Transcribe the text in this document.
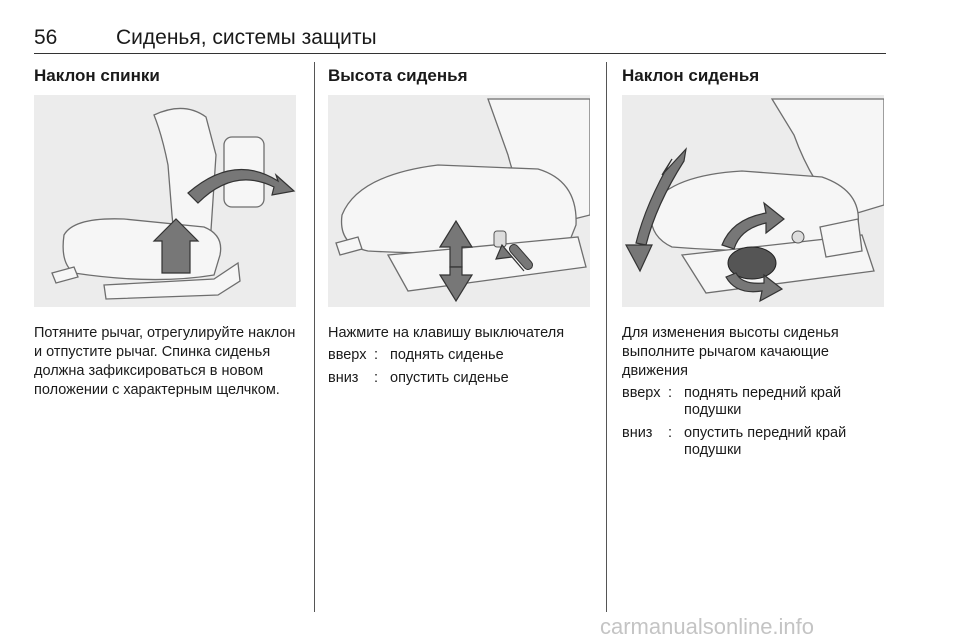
56	Сиденья, системы защиты
Наклон спинки

Потяните рычаг, отрегулируйте наклон и отпустите рычаг. Спинка сиденья должна зафиксироваться в новом положении с характерным щелчком.

Высота сиденья

Нажмите на клавишу выключателя

вверх	:	поднять сиденье
вниз	:	опустить сиденье
Наклон сиденья

Для изменения высоты сиденья выполните рычагом качающие движения

вверх	:	поднять передний край подушки
вниз	:	опустить передний край подушки
carmanualsonline.info
